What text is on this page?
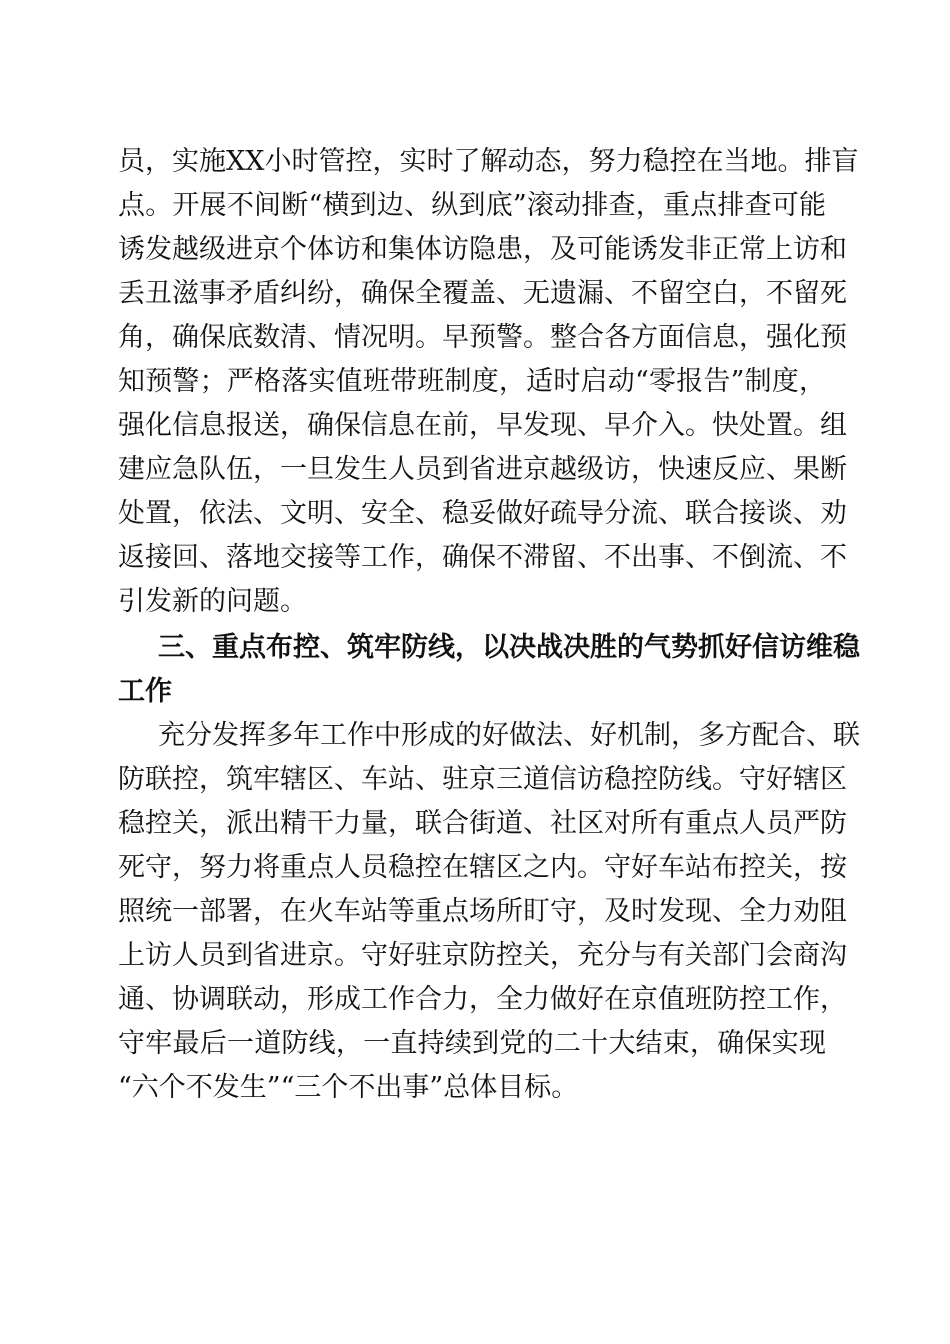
员，实施XX小时管控，实时了解动态，努力稳控在当地。排盲
点。开展不间断“横到边、纵到底”滚动排查，重点排查可能
诱发越级进京个体访和集体访隐患，及可能诱发非正常上访和
丢丑滋事矛盾纠纷，确保全覆盖、无遗漏、不留空白，不留死
角，确保底数清、情况明。早预警。整合各方面信息，强化预
知预警；严格落实值班带班制度，适时启动“零报告”制度，
强化信息报送，确保信息在前，早发现、早介入。快处置。组
建应急队伍，一旦发生人员到省进京越级访，快速反应、果断
处置，依法、文明、安全、稳妥做好疏导分流、联合接谈、劝
返接回、落地交接等工作，确保不滞留、不出事、不倒流、不
引发新的问题。
三、重点布控、筑牢防线，以决战决胜的气势抓好信访维稳
工作
充分发挥多年工作中形成的好做法、好机制，多方配合、联
防联控，筑牢辖区、车站、驻京三道信访稳控防线。守好辖区
稳控关，派出精干力量，联合街道、社区对所有重点人员严防
死守，努力将重点人员稳控在辖区之内。守好车站布控关，按
照统一部署，在火车站等重点场所盯守，及时发现、全力劝阻
上访人员到省进京。守好驻京防控关，充分与有关部门会商沟
通、协调联动，形成工作合力，全力做好在京值班防控工作，
守牢最后一道防线，一直持续到党的二十大结束，确保实现
“六个不发生”“三个不出事”总体目标。
